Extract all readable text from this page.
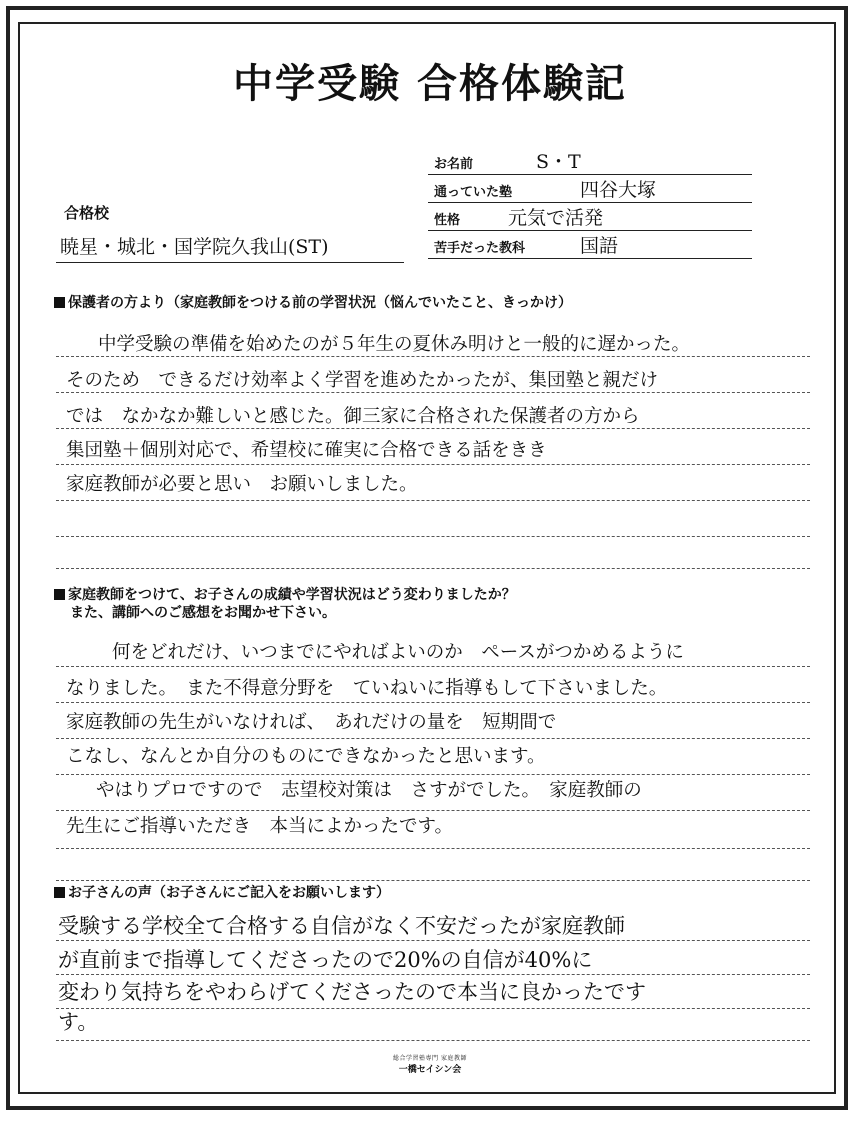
中学受験 合格体験記
お名前	S・T
通っていた塾	四谷大塚
性格	元気で活発
苦手だった教科	国語
合格校
暁星・城北・国学院久我山(ST)
保護者の方より（家庭教師をつける前の学習状況（悩んでいたこと、きっかけ）
中学受験の準備を始めたのが５年生の夏休み明けと一般的に遅かった。
そのため　できるだけ効率よく学習を進めたかったが、集団塾と親だけ
では　なかなか難しいと感じた。御三家に合格された保護者の方から
集団塾＋個別対応で、希望校に確実に合格できる話をきき
家庭教師が必要と思い　お願いしました。
家庭教師をつけて、お子さんの成績や学習状況はどう変わりましたか？
また、講師へのご感想をお聞かせ下さい。
何をどれだけ、いつまでにやればよいのか　ペースがつかめるように
なりました。　また不得意分野を　ていねいに指導もして下さいました。
家庭教師の先生がいなければ、　あれだけの量を　短期間で
こなし、なんとか自分のものにできなかったと思います。
やはりプロですので　志望校対策は　さすがでした。　家庭教師の
先生にご指導いただき　本当によかったです。
お子さんの声（お子さんにご記入をお願いします）
受験する学校全て合格する自信がなく不安だったが家庭教師
が直前まで指導してくださったので20%の自信が40%に
変わり気持ちをやわらげてくださったので本当に良かったです
す。
総合学習塾専門 家庭教師
一橋セイシン会
